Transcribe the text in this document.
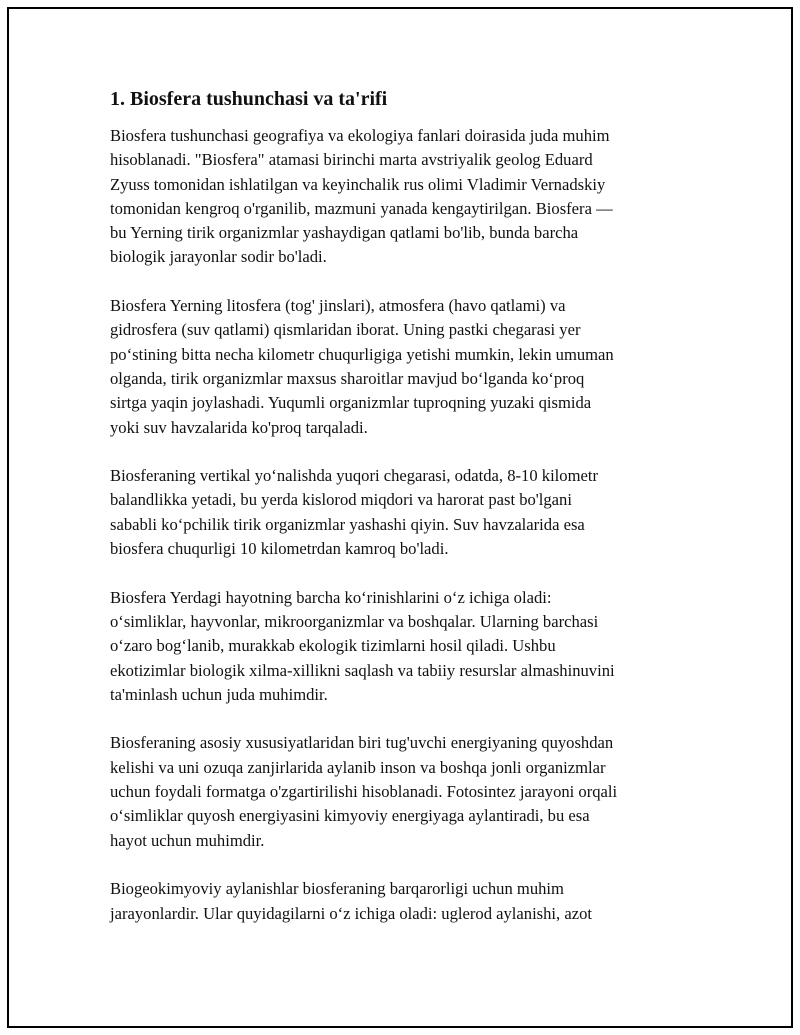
1. Biosfera tushunchasi va ta'rifi

Biosfera tushunchasi geografiya va ekologiya fanlari doirasida juda muhim
hisoblanadi. "Biosfera" atamasi birinchi marta avstriyalik geolog Eduard
Zyuss tomonidan ishlatilgan va keyinchalik rus olimi Vladimir Vernadskiy
tomonidan kengroq o'rganilib, mazmuni yanada kengaytirilgan. Biosfera —
bu Yerning tirik organizmlar yashaydigan qatlami bo'lib, bunda barcha
biologik jarayonlar sodir bo'ladi.

Biosfera Yerning litosfera (tog' jinslari), atmosfera (havo qatlami) va
gidrosfera (suv qatlami) qismlaridan iborat. Uning pastki chegarasi yer
po‘stining bitta necha kilometr chuqurligiga yetishi mumkin, lekin umuman
olganda, tirik organizmlar maxsus sharoitlar mavjud bo‘lganda ko‘proq
sirtga yaqin joylashadi. Yuqumli organizmlar tuproqning yuzaki qismida
yoki suv havzalarida ko'proq tarqaladi.

Biosferaning vertikal yo‘nalishda yuqori chegarasi, odatda, 8-10 kilometr
balandlikka yetadi, bu yerda kislorod miqdori va harorat past bo'lgani
sababli ko‘pchilik tirik organizmlar yashashi qiyin. Suv havzalarida esa
biosfera chuqurligi 10 kilometrdan kamroq bo'ladi.

Biosfera Yerdagi hayotning barcha ko‘rinishlarini o‘z ichiga oladi:
o‘simliklar, hayvonlar, mikroorganizmlar va boshqalar. Ularning barchasi
o‘zaro bog‘lanib, murakkab ekologik tizimlarni hosil qiladi. Ushbu
ekotizimlar biologik xilma-xillikni saqlash va tabiiy resurslar almashinuvini
ta'minlash uchun juda muhimdir.

Biosferaning asosiy xususiyatlaridan biri tug'uvchi energiyaning quyoshdan
kelishi va uni ozuqa zanjirlarida aylanib inson va boshqa jonli organizmlar
uchun foydali formatga o'zgartirilishi hisoblanadi. Fotosintez jarayoni orqali
o‘simliklar quyosh energiyasini kimyoviy energiyaga aylantiradi, bu esa
hayot uchun muhimdir.

Biogeokimyoviy aylanishlar biosferaning barqarorligi uchun muhim
jarayonlardir. Ular quyidagilarni o‘z ichiga oladi: uglerod aylanishi, azot
